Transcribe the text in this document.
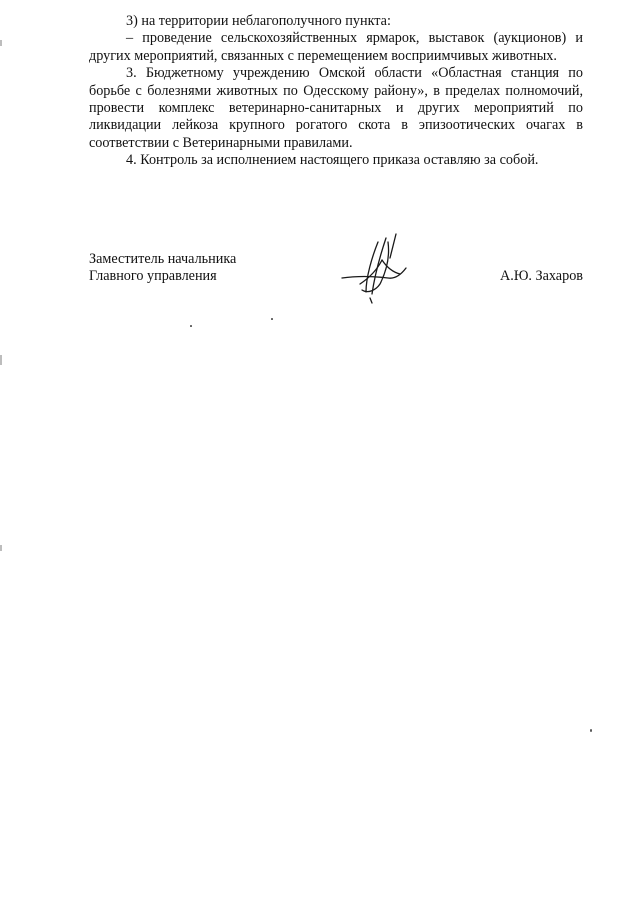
3) на территории неблагополучного пункта:

– проведение сельскохозяйственных ярмарок, выставок (аукционов) и других мероприятий, связанных с перемещением восприимчивых животных.

3. Бюджетному учреждению Омской области «Областная станция по борьбе с болезнями животных по Одесскому району», в пределах полномочий, провести комплекс ветеринарно-санитарных и других мероприятий по ликвидации лейкоза крупного рогатого скота в эпизоотических очагах в соответствии с Ветеринарными правилами.

4. Контроль за исполнением настоящего приказа оставляю за собой.

Заместитель начальника
Главного управления	А.Ю. Захаров
